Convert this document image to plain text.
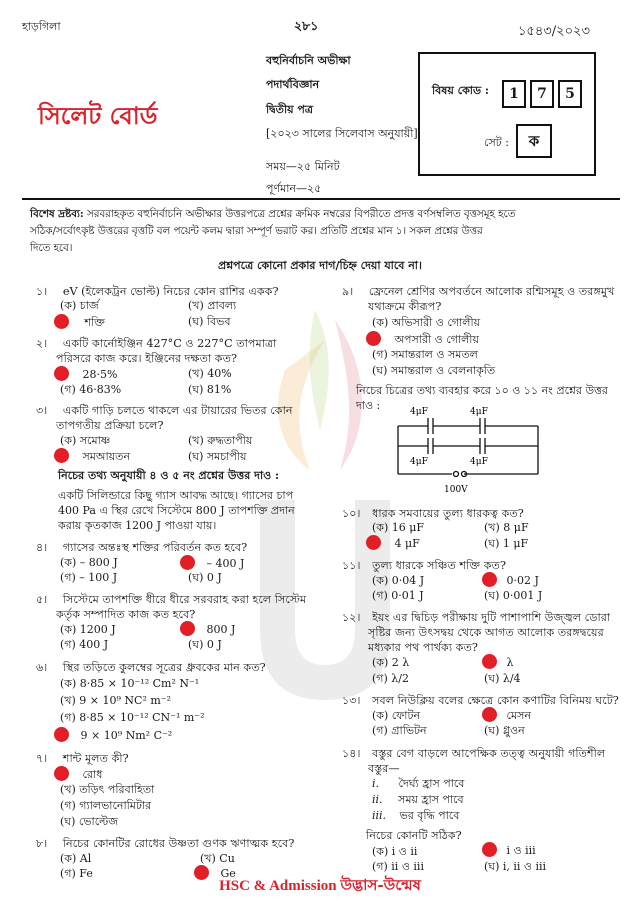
হাড়গিলা	২৮১	১৫৪৩/২০২৩
সিলেট বোর্ড
বহুনির্বাচনি অভীক্ষা
পদার্থবিজ্ঞান
দ্বিতীয় পত্র
[২০২৩ সালের সিলেবাস অনুযায়ী]
সময়—২৫ মিনিট
পূর্ণমান—২৫
বিষয় কোড :	1	7	5
সেট :	ক
বিশেষ দ্রষ্টব্য: সরবরাহকৃত বহুনির্বাচনি অভীক্ষার উত্তরপত্রে প্রশ্নের ক্রমিক নম্বরের বিপরীতে প্রদত্ত বর্ণসম্বলিত বৃত্তসমূহ হতে
সঠিক/সর্বোৎকৃষ্ট উত্তরের বৃত্তটি বল পয়েন্ট কলম দ্বারা সম্পূর্ণ ভরাট কর। প্রতিটি প্রশ্নের মান ১। সকল প্রশ্নের উত্তর
দিতে হবে।
প্রশ্নপত্রে কোনো প্রকার দাগ/চিহ্ন দেয়া যাবে না।
১। eV (ইলেকট্রন ভোল্ট) নিচের কোন রাশির একক?
(ক) চার্জ	(খ) প্রাবল্য
শক্তি	(ঘ) বিভব
২। একটি কার্নোইঞ্জিন 427°C ও 227°C তাপমাত্রা
পরিসরে কাজ করে। ইঞ্জিনের দক্ষতা কত?
28·5%	(খ) 40%
(গ) 46·83%	(ঘ) 81%
৩। একটি গাড়ি চলতে থাকলে এর টায়ারের ভিতর কোন
তাপগতীয় প্রক্রিয়া চলে?
(ক) সমোষ্ণ	(খ) রুদ্ধতাপীয়
সমআয়তন	(ঘ) সমচাপীয়
নিচের তথ্য অনুযায়ী ৪ ও ৫ নং প্রশ্নের উত্তর দাও :
একটি সিলিন্ডারে কিছু গ্যাস আবদ্ধ আছে। গ্যাসের চাপ
400 Pa এ স্থির রেখে সিস্টেমে 800 J তাপশক্তি প্রদান
করায় কৃতকাজ 1200 J পাওয়া যায়।
৪। গ্যাসের অন্তঃস্থ শক্তির পরিবর্তন কত হবে?
(ক) – 800 J	– 400 J
(গ) – 100 J	(ঘ) 0 J
৫। সিস্টেমে তাপশক্তি ধীরে ধীরে সরবরাহ করা হলে সিস্টেম
কর্তৃক সম্পাদিত কাজ কত হবে?
(ক) 1200 J	800 J
(গ) 400 J	(ঘ) 0 J
৬। স্থির তড়িতে কুলম্বের সূত্রের ধ্রুবকের মান কত?
(ক) 8·85 × 10⁻¹² Cm² N⁻¹
(খ) 9 × 10⁹ NC² m⁻²
(গ) 8·85 × 10⁻¹² CN⁻¹ m⁻²
9 × 10⁹ Nm² C⁻²
৭। শান্ট মূলত কী?
রোধ
(খ) তড়িৎ পরিবাহিতা
(গ) গ্যালভানোমিটার
(ঘ) ভোল্টেজ
৮। নিচের কোনটির রোধের উষ্ণতা গুণক ঋণাত্মক হবে?
(ক) Al	(খ) Cu
(গ) Fe	Ge
৯। ফ্রেনেল শ্রেণির অপবর্তনে আলোক রশ্মিসমূহ ও তরঙ্গমুখ
যথাক্রমে কীরূপ?
(ক) অভিসারী ও গোলীয়
অপসারী ও গোলীয়
(গ) সমান্তরাল ও সমতল
(ঘ) সমান্তরাল ও বেলনাকৃতি
নিচের চিত্রের তথ্য ব্যবহার করে ১০ ও ১১ নং প্রশ্নের উত্তর
দাও :	4μF	4μF
4μF	4μF
100V
১০। ধারক সমবায়ের তুল্য ধারকত্ব কত?
(ক) 16 μF	(খ) 8 μF
4 μF	(ঘ) 1 μF
১১। তুল্য ধারকে সঞ্চিত শক্তি কত?
(ক) 0·04 J	0·02 J
(গ) 0·01 J	(ঘ) 0·001 J
১২। ইয়ং এর দ্বিচিড় পরীক্ষায় দুটি পাশাপাশি উজ্জ্বল ডোরা
সৃষ্টির জন্য উৎসদ্বয় থেকে আগত আলোক তরঙ্গদ্বয়ের
মধ্যকার পথ পার্থক্য কত?
(ক) 2 λ	λ
(গ) λ/2	(ঘ) λ/4
১৩। সবল নিউক্লিয় বলের ক্ষেত্রে কোন কণাটির বিনিময় ঘটে?
(ক) ফোটন	মেসন
(গ) গ্রাভিটন	(ঘ) গ্লুওন
১৪। বস্তুর বেগ বাড়লে আপেক্ষিক তত্ত্ব অনুযায়ী গতিশীল
বস্তুর—
i. দৈর্ঘ্য হ্রাস পাবে
ii. সময় হ্রাস পাবে
iii. ভর বৃদ্ধি পাবে
নিচের কোনটি সঠিক?
(ক) i ও ii	i ও iii
(গ) ii ও iii	(ঘ) i, ii ও iii
HSC & Admission উদ্ভাস-উন্মেষ
